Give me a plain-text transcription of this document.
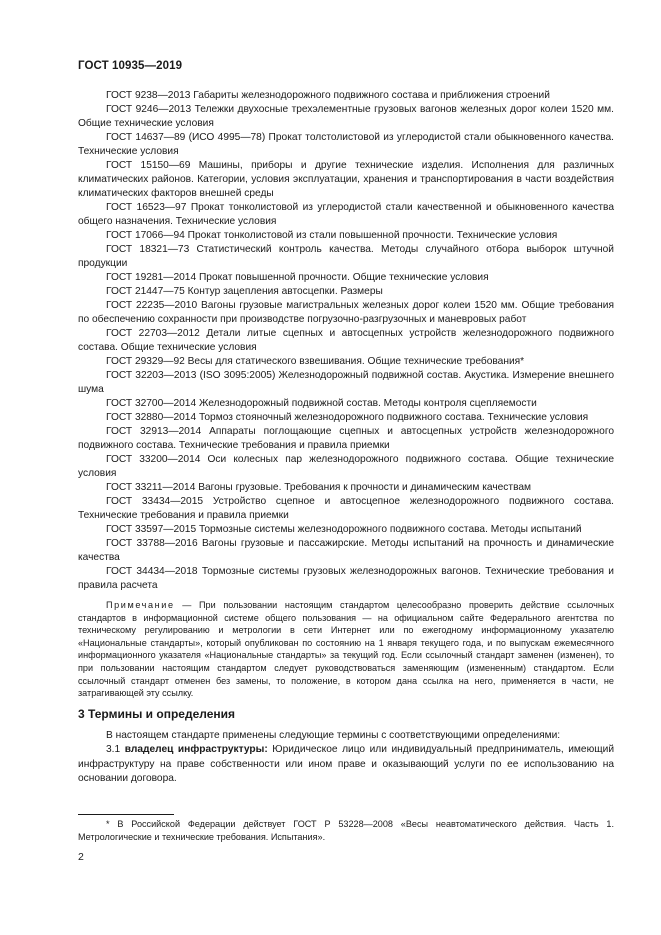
ГОСТ 10935—2019

ГОСТ 9238—2013 Габариты железнодорожного подвижного состава и приближения строений

ГОСТ 9246—2013 Тележки двухосные трехэлементные грузовых вагонов железных дорог колеи 1520 мм. Общие технические условия

ГОСТ 14637—89 (ИСО 4995—78) Прокат толстолистовой из углеродистой стали обыкновенного качества. Технические условия

ГОСТ 15150—69 Машины, приборы и другие технические изделия. Исполнения для различных климатических районов. Категории, условия эксплуатации, хранения и транспортирования в части воздействия климатических факторов внешней среды

ГОСТ 16523—97 Прокат тонколистовой из углеродистой стали качественной и обыкновенного качества общего назначения. Технические условия

ГОСТ 17066—94 Прокат тонколистовой из стали повышенной прочности. Технические условия

ГОСТ 18321—73 Статистический контроль качества. Методы случайного отбора выборок штучной продукции

ГОСТ 19281—2014 Прокат повышенной прочности. Общие технические условия

ГОСТ 21447—75 Контур зацепления автосцепки. Размеры

ГОСТ 22235—2010 Вагоны грузовые магистральных железных дорог колеи 1520 мм. Общие требования по обеспечению сохранности при производстве погрузочно-разгрузочных и маневровых работ

ГОСТ 22703—2012 Детали литые сцепных и автосцепных устройств железнодорожного подвижного состава. Общие технические условия

ГОСТ 29329—92 Весы для статического взвешивания. Общие технические требования*

ГОСТ 32203—2013 (ISO 3095:2005) Железнодорожный подвижной состав. Акустика. Измерение внешнего шума

ГОСТ 32700—2014 Железнодорожный подвижной состав. Методы контроля сцепляемости

ГОСТ 32880—2014 Тормоз стояночный железнодорожного подвижного состава. Технические условия

ГОСТ 32913—2014 Аппараты поглощающие сцепных и автосцепных устройств железнодорожного подвижного состава. Технические требования и правила приемки

ГОСТ 33200—2014 Оси колесных пар железнодорожного подвижного состава. Общие технические условия

ГОСТ 33211—2014 Вагоны грузовые. Требования к прочности и динамическим качествам

ГОСТ 33434—2015 Устройство сцепное и автосцепное железнодорожного подвижного состава. Технические требования и правила приемки

ГОСТ 33597—2015 Тормозные системы железнодорожного подвижного состава. Методы испытаний

ГОСТ 33788—2016 Вагоны грузовые и пассажирские. Методы испытаний на прочность и динамические качества

ГОСТ 34434—2018 Тормозные системы грузовых железнодорожных вагонов. Технические требования и правила расчета

Примечание — При пользовании настоящим стандартом целесообразно проверить действие ссылочных стандартов в информационной системе общего пользования — на официальном сайте Федерального агентства по техническому регулированию и метрологии в сети Интернет или по ежегодному информационному указателю «Национальные стандарты», который опубликован по состоянию на 1 января текущего года, и по выпускам ежемесячного информационного указателя «Национальные стандарты» за текущий год. Если ссылочный стандарт заменен (изменен), то при пользовании настоящим стандартом следует руководствоваться заменяющим (измененным) стандартом. Если ссылочный стандарт отменен без замены, то положение, в котором дана ссылка на него, применяется в части, не затрагивающей эту ссылку.

3 Термины и определения

В настоящем стандарте применены следующие термины с соответствующими определениями:

3.1 владелец инфраструктуры: Юридическое лицо или индивидуальный предприниматель, имеющий инфраструктуру на праве собственности или ином праве и оказывающий услуги по ее использованию на основании договора.

* В Российской Федерации действует ГОСТ Р 53228—2008 «Весы неавтоматического действия. Часть 1. Метрологические и технические требования. Испытания».
2
